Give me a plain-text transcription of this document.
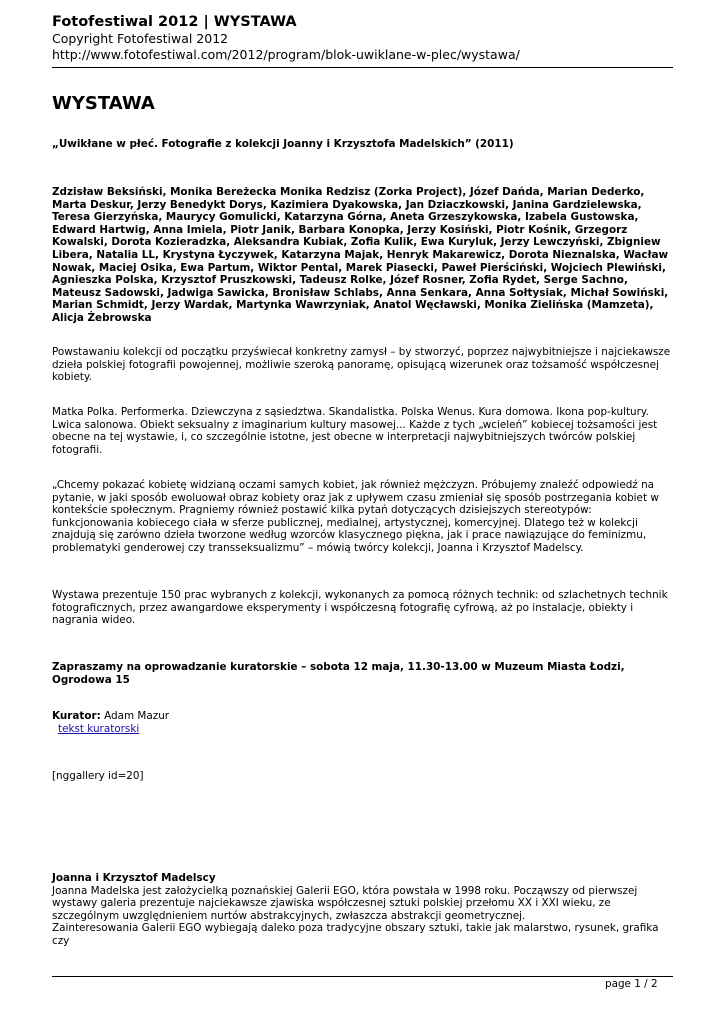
Fotofestiwal 2012 | WYSTAWA
Copyright Fotofestiwal 2012
http://www.fotofestiwal.com/2012/program/blok-uwiklane-w-plec/wystawa/
WYSTAWA
„Uwikłane w płeć. Fotografie z kolekcji Joanny i Krzysztofa Madelskich” (2011)
Zdzisław Beksiński, Monika Bereżecka Monika Redzisz (Zorka Project), Józef Dańda, Marian Dederko, Marta Deskur, Jerzy Benedykt Dorys, Kazimiera Dyakowska, Jan Dziaczkowski, Janina Gardzielewska, Teresa Gierzyńska, Maurycy Gomulicki, Katarzyna Górna, Aneta Grzeszykowska, Izabela Gustowska, Edward Hartwig, Anna Imiela, Piotr Janik, Barbara Konopka, Jerzy Kosiński, Piotr Kośnik, Grzegorz Kowalski, Dorota Kozieradzka, Aleksandra Kubiak, Zofia Kulik, Ewa Kuryluk, Jerzy Lewczyński, Zbigniew Libera, Natalia LL, Krystyna Łyczywek, Katarzyna Majak, Henryk Makarewicz, Dorota Nieznalska, Wacław Nowak, Maciej Osika, Ewa Partum, Wiktor Pental, Marek Piasecki, Paweł Pierściński, Wojciech Plewiński, Agnieszka Polska, Krzysztof Pruszkowski, Tadeusz Rolke, Józef Rosner, Zofia Rydet, Serge Sachno, Mateusz Sadowski, Jadwiga Sawicka, Bronisław Schlabs, Anna Senkara, Anna Sołtysiak, Michał Sowiński, Marian Schmidt, Jerzy Wardak, Martynka Wawrzyniak, Anatol Węcławski, Monika Zielińska (Mamzeta), Alicja Żebrowska
Powstawaniu kolekcji od początku przyświecał konkretny zamysł – by stworzyć, poprzez najwybitniejsze i najciekawsze dzieła polskiej fotografii powojennej, możliwie szeroką panoramę, opisującą wizerunek oraz tożsamość współczesnej kobiety.
Matka Polka. Performerka. Dziewczyna z sąsiedztwa. Skandalistka. Polska Wenus. Kura domowa. Ikona pop-kultury. Lwica salonowa. Obiekt seksualny z imaginarium kultury masowej... Każde z tych „wcieleń” kobiecej tożsamości jest obecne na tej wystawie, i, co szczególnie istotne, jest obecne w interpretacji najwybitniejszych twórców polskiej fotografii.
„Chcemy pokazać kobietę widzianą oczami samych kobiet, jak również mężczyzn. Próbujemy znaleźć odpowiedź na pytanie, w jaki sposób ewoluował obraz kobiety oraz jak z upływem czasu zmieniał się sposób postrzegania kobiet w kontekście społecznym. Pragniemy również postawić kilka pytań dotyczących dzisiejszych stereotypów: funkcjonowania kobiecego ciała w sferze publicznej, medialnej, artystycznej, komercyjnej. Dlatego też w kolekcji znajdują się zarówno dzieła tworzone według wzorców klasycznego piękna, jak i prace nawiązujące do feminizmu, problematyki genderowej czy transseksualizmu” – mówią twórcy kolekcji, Joanna i Krzysztof Madelscy.
Wystawa prezentuje 150 prac wybranych z kolekcji, wykonanych za pomocą różnych technik: od szlachetnych technik fotograficznych, przez awangardowe eksperymenty i współczesną fotografię cyfrową, aż po instalacje, obiekty i nagrania wideo.
Zapraszamy na oprowadzanie kuratorskie – sobota 12 maja, 11.30-13.00 w Muzeum Miasta Łodzi, Ogrodowa 15
Kurator: Adam Mazur
tekst kuratorski
[nggallery id=20]
Joanna i Krzysztof Madelscy
Joanna Madelska jest założycielką poznańskiej Galerii EGO, która powstała w 1998 roku. Począwszy od pierwszej wystawy galeria prezentuje najciekawsze zjawiska współczesnej sztuki polskiej przełomu XX i XXI wieku, ze szczególnym uwzględnieniem nurtów abstrakcyjnych, zwłaszcza abstrakcji geometrycznej.
Zainteresowania Galerii EGO wybiegają daleko poza tradycyjne obszary sztuki, takie jak malarstwo, rysunek, grafika czy
page 1 / 2
